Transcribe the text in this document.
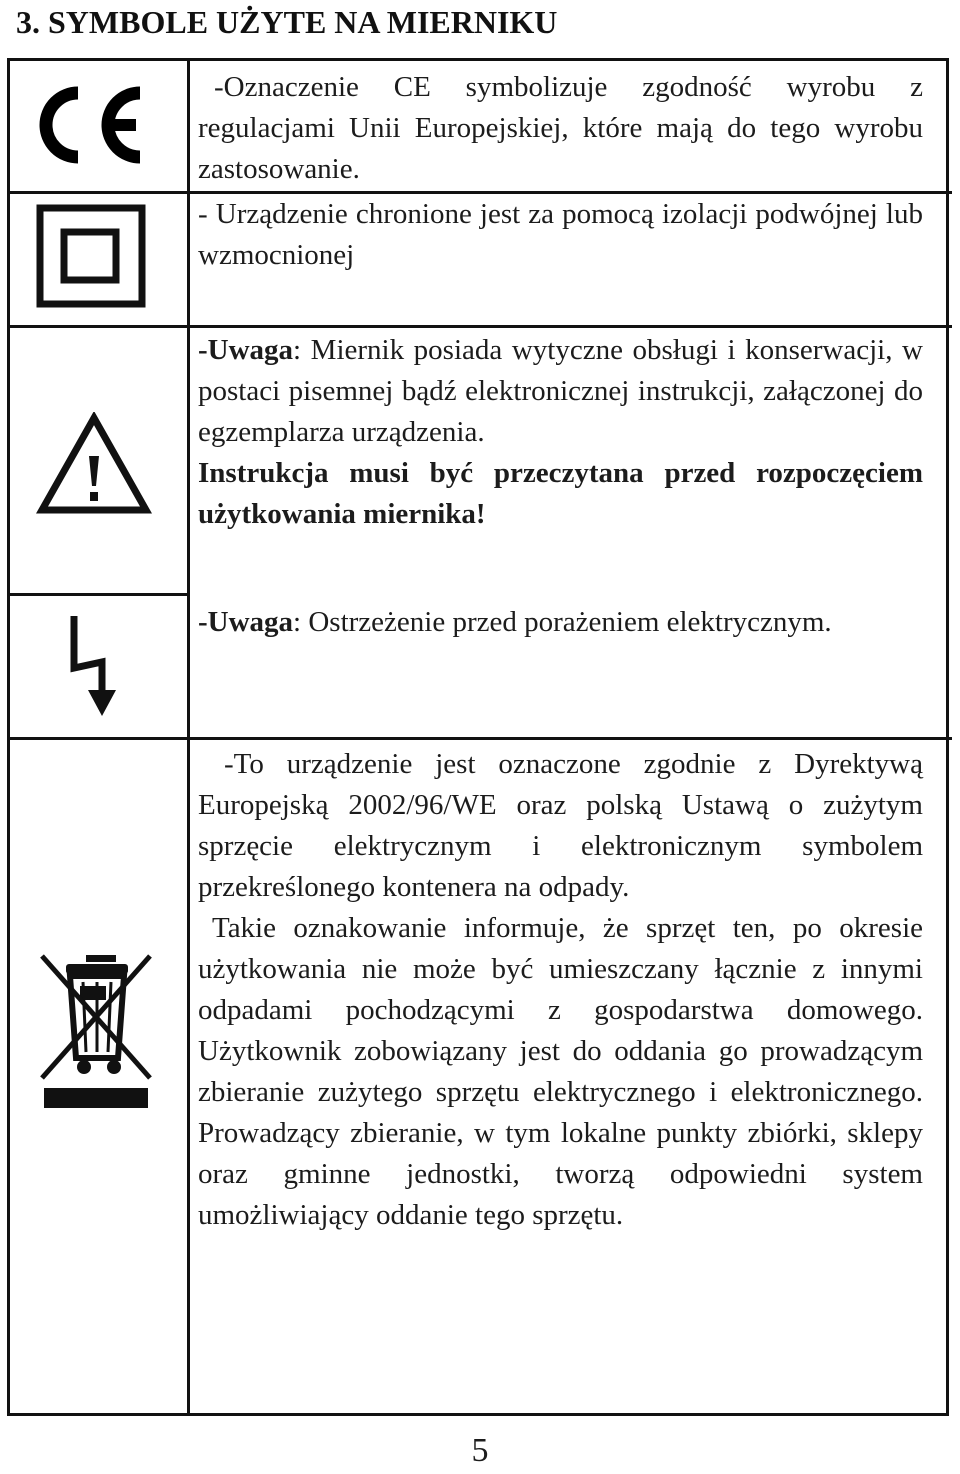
3. SYMBOLE UŻYTE NA MIERNIKU

-Oznaczenie CE symbolizuje zgodność wyrobu z regulacjami Unii Europejskiej, które mają do tego wyrobu zastosowanie.

- Urządzenie chronione jest za pomocą izolacji podwójnej lub wzmocnionej

-Uwaga: Miernik posiada wytyczne obsługi i konserwacji, w postaci pisemnej bądź elektronicznej instrukcji, załączonej do egzemplarza urządzenia.

Instrukcja musi być przeczytana przed rozpoczęciem użytkowania miernika!

-Uwaga: Ostrzeżenie przed porażeniem elektrycznym.

-To urządzenie jest oznaczone zgodnie z Dyrektywą Europejską 2002/96/WE oraz polską Ustawą o zużytym sprzęcie elektrycznym i elektronicznym symbolem przekreślonego kontenera na odpady.

Takie oznakowanie informuje, że sprzęt ten, po okresie użytkowania nie może być umieszczany łącznie z innymi odpadami pochodzącymi z gospodarstwa domowego. Użytkownik zobowiązany jest do oddania go prowadzącym zbieranie zużytego sprzętu elektrycznego i elektronicznego. Prowadzący zbieranie, w tym lokalne punkty zbiórki, sklepy oraz gminne jednostki, tworzą odpowiedni system umożliwiający oddanie tego sprzętu.

5
